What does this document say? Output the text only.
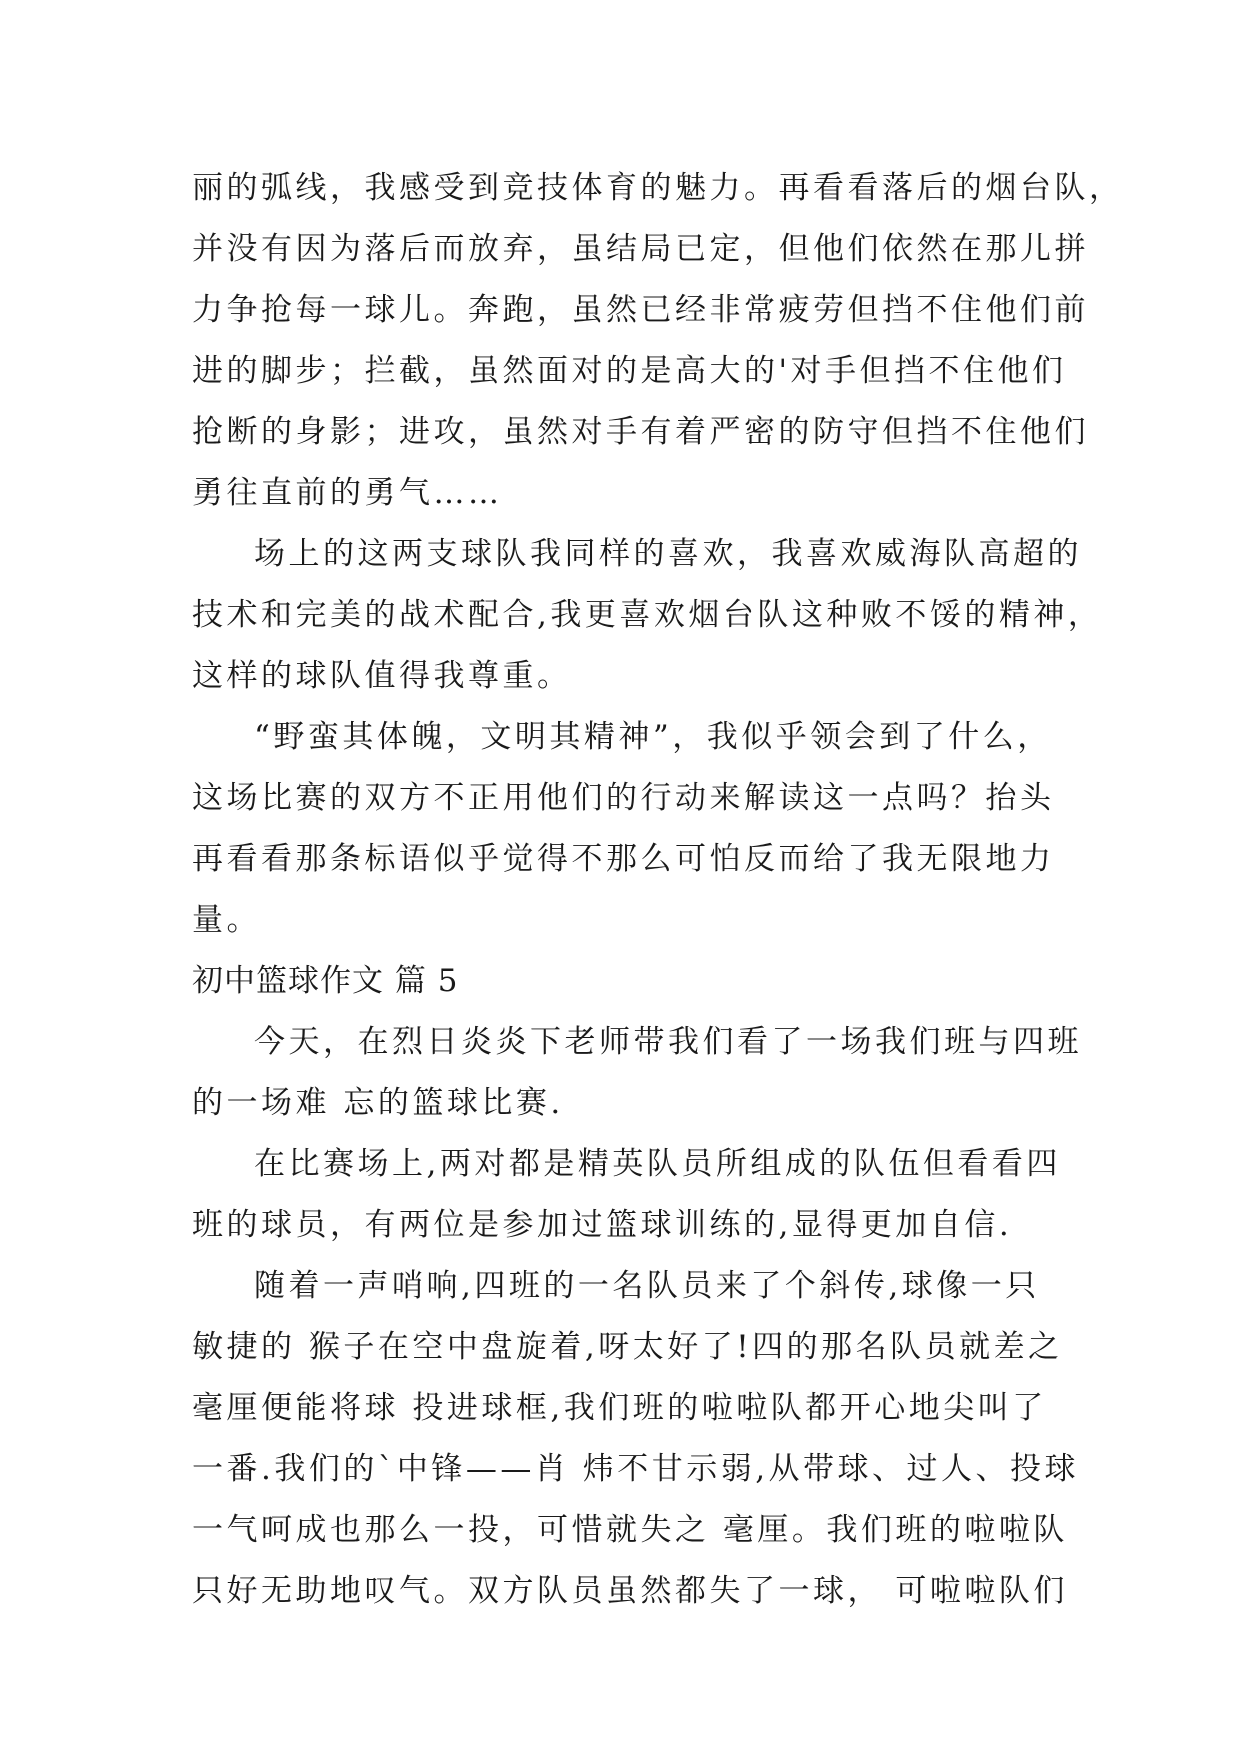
丽的弧线，我感受到竞技体育的魅力。再看看落后的烟台队，
并没有因为落后而放弃，虽结局已定，但他们依然在那儿拼
力争抢每一球儿。奔跑，虽然已经非常疲劳但挡不住他们前
进的脚步；拦截，虽然面对的是高大的'对手但挡不住他们
抢断的身影；进攻，虽然对手有着严密的防守但挡不住他们
勇往直前的勇气……
场上的这两支球队我同样的喜欢，我喜欢威海队高超的
技术和完美的战术配合,我更喜欢烟台队这种败不馁的精神，
这样的球队值得我尊重。
“野蛮其体魄，文明其精神”，我似乎领会到了什么，
这场比赛的双方不正用他们的行动来解读这一点吗？抬头
再看看那条标语似乎觉得不那么可怕反而给了我无限地力
量。
初中篮球作文 篇 5
今天，在烈日炎炎下老师带我们看了一场我们班与四班
的一场难 忘的篮球比赛.
在比赛场上,两对都是精英队员所组成的队伍但看看四
班的球员，有两位是参加过篮球训练的,显得更加自信.
随着一声哨响,四班的一名队员来了个斜传,球像一只
敏捷的 猴子在空中盘旋着,呀太好了!四的那名队员就差之
毫厘便能将球 投进球框,我们班的啦啦队都开心地尖叫了
一番.我们的`中锋——肖 炜不甘示弱,从带球、过人、投球
一气呵成也那么一投，可惜就失之 毫厘。我们班的啦啦队
只好无助地叹气。双方队员虽然都失了一球， 可啦啦队们
